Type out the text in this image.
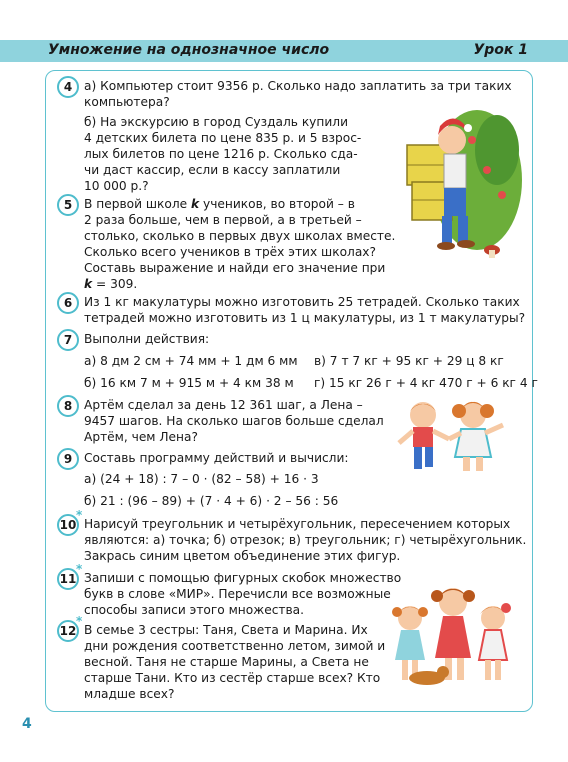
Умножение на однозначное число	Урок 1
4 а) Компьютер стоит 9356 р. Сколько надо заплатить за три таких
компьютера?
б) На экскурсию в город Суздаль купили
4 детских билета по цене 835 р. и 5 взрос-
лых билетов по цене 1216 р. Сколько сда-
чи даст кассир, если в кассу заплатили
10 000 р.?
5 В первой школе k учеников, во второй – в
2 раза больше, чем в первой, а в третьей –
столько, сколько в первых двух школах вместе.
Сколько всего учеников в трёх этих школах?
Составь выражение и найди его значение при
k = 309.
6 Из 1 кг макулатуры можно изготовить 25 тетрадей. Сколько таких
тетрадей можно изготовить из 1 ц макулатуры, из 1 т макулатуры?
7 Выполни действия:
а) 8 дм 2 см + 74 мм + 1 дм 6 мм в) 7 т 7 кг + 95 кг + 29 ц 8 кг
б) 16 км 7 м + 915 м + 4 км 38 м г) 15 кг 26 г + 4 кг 470 г + 6 кг 4 г
8 Артём сделал за день 12 361 шаг, а Лена –
9457 шагов. На сколько шагов больше сделал
Артём, чем Лена?
9 Составь программу действий и вычисли:
а) (24 + 18) : 7 – 0 · (82 – 58) + 16 · 3
б) 21 : (96 – 89) + (7 · 4 + 6) · 2 – 56 : 56
10
*
Нарисуй треугольник и четырёхугольник, пересечением которых
являются: а) точка; б) отрезок; в) треугольник; г) четырёхугольник.
Закрась синим цветом объединение этих фигур.
11
*
Запиши с помощью фигурных скобок множество
букв в слове «МИР». Перечисли все возможные
способы записи этого множества.
12
*
В семье 3 сестры: Таня, Света и Марина. Их
дни рождения соответственно летом, зимой и
весной. Таня не старше Марины, а Света не
старше Тани. Кто из сестёр старше всех? Кто
младше всех?
4
